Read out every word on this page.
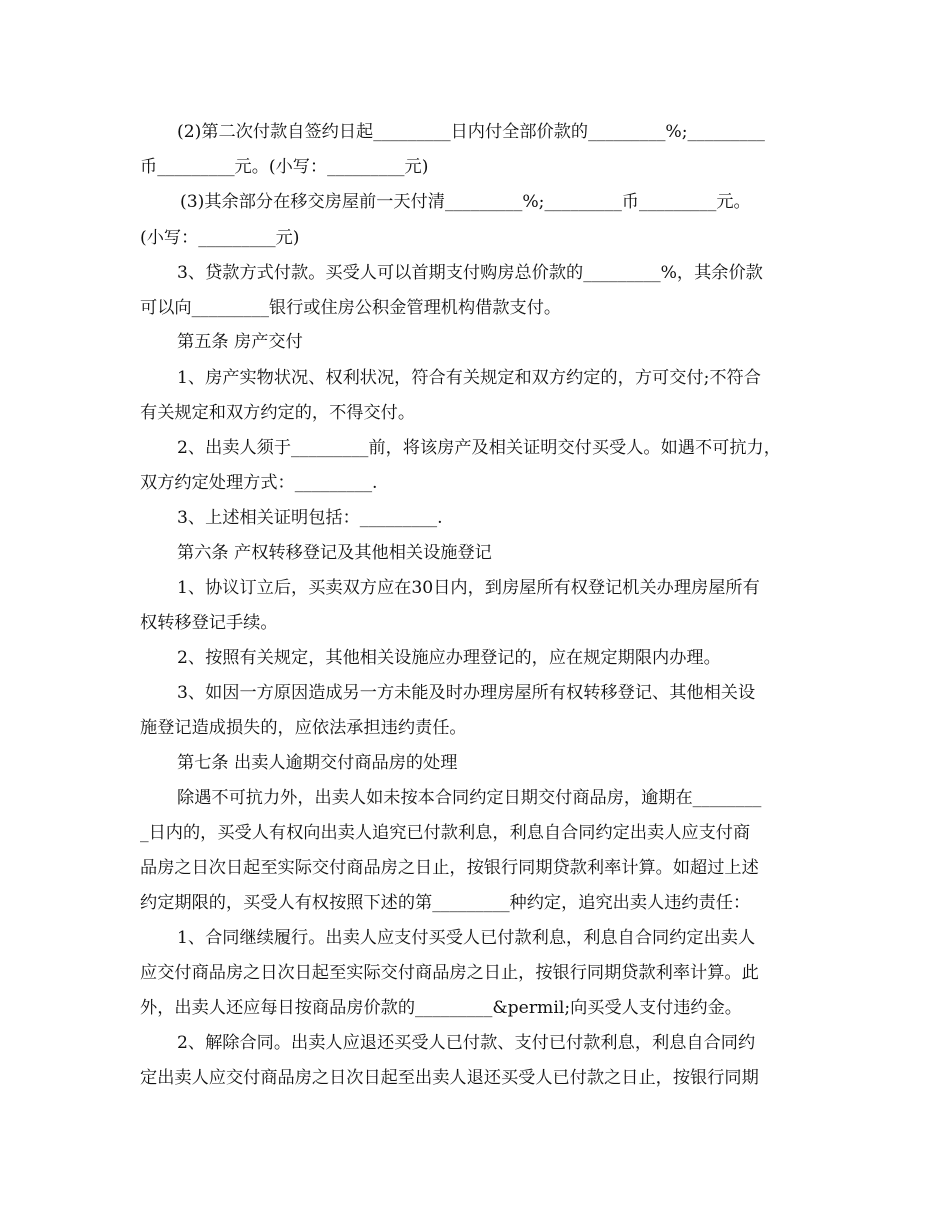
(2)第二次付款自签约日起_________日内付全部价款的_________%;_________
币_________元。(小写：_________元)
(3)其余部分在移交房屋前一天付清_________%;_________币_________元。
(小写：_________元)
3、贷款方式付款。买受人可以首期支付购房总价款的_________%，其余价款
可以向_________银行或住房公积金管理机构借款支付。
第五条 房产交付
1、房产实物状况、权利状况，符合有关规定和双方约定的，方可交付;不符合
有关规定和双方约定的，不得交付。
2、出卖人须于_________前，将该房产及相关证明交付买受人。如遇不可抗力，
双方约定处理方式：_________.
3、上述相关证明包括：_________.
第六条 产权转移登记及其他相关设施登记
1、协议订立后，买卖双方应在30日内，到房屋所有权登记机关办理房屋所有
权转移登记手续。
2、按照有关规定，其他相关设施应办理登记的，应在规定期限内办理。
3、如因一方原因造成另一方未能及时办理房屋所有权转移登记、其他相关设
施登记造成损失的，应依法承担违约责任。
第七条 出卖人逾期交付商品房的处理
除遇不可抗力外，出卖人如未按本合同约定日期交付商品房，逾期在________
_日内的，买受人有权向出卖人追究已付款利息，利息自合同约定出卖人应支付商
品房之日次日起至实际交付商品房之日止，按银行同期贷款利率计算。如超过上述
约定期限的，买受人有权按照下述的第_________种约定，追究出卖人违约责任：
1、合同继续履行。出卖人应支付买受人已付款利息，利息自合同约定出卖人
应交付商品房之日次日起至实际交付商品房之日止，按银行同期贷款利率计算。此
外，出卖人还应每日按商品房价款的_________&permil;向买受人支付违约金。
2、解除合同。出卖人应退还买受人已付款、支付已付款利息，利息自合同约
定出卖人应交付商品房之日次日起至出卖人退还买受人已付款之日止，按银行同期
